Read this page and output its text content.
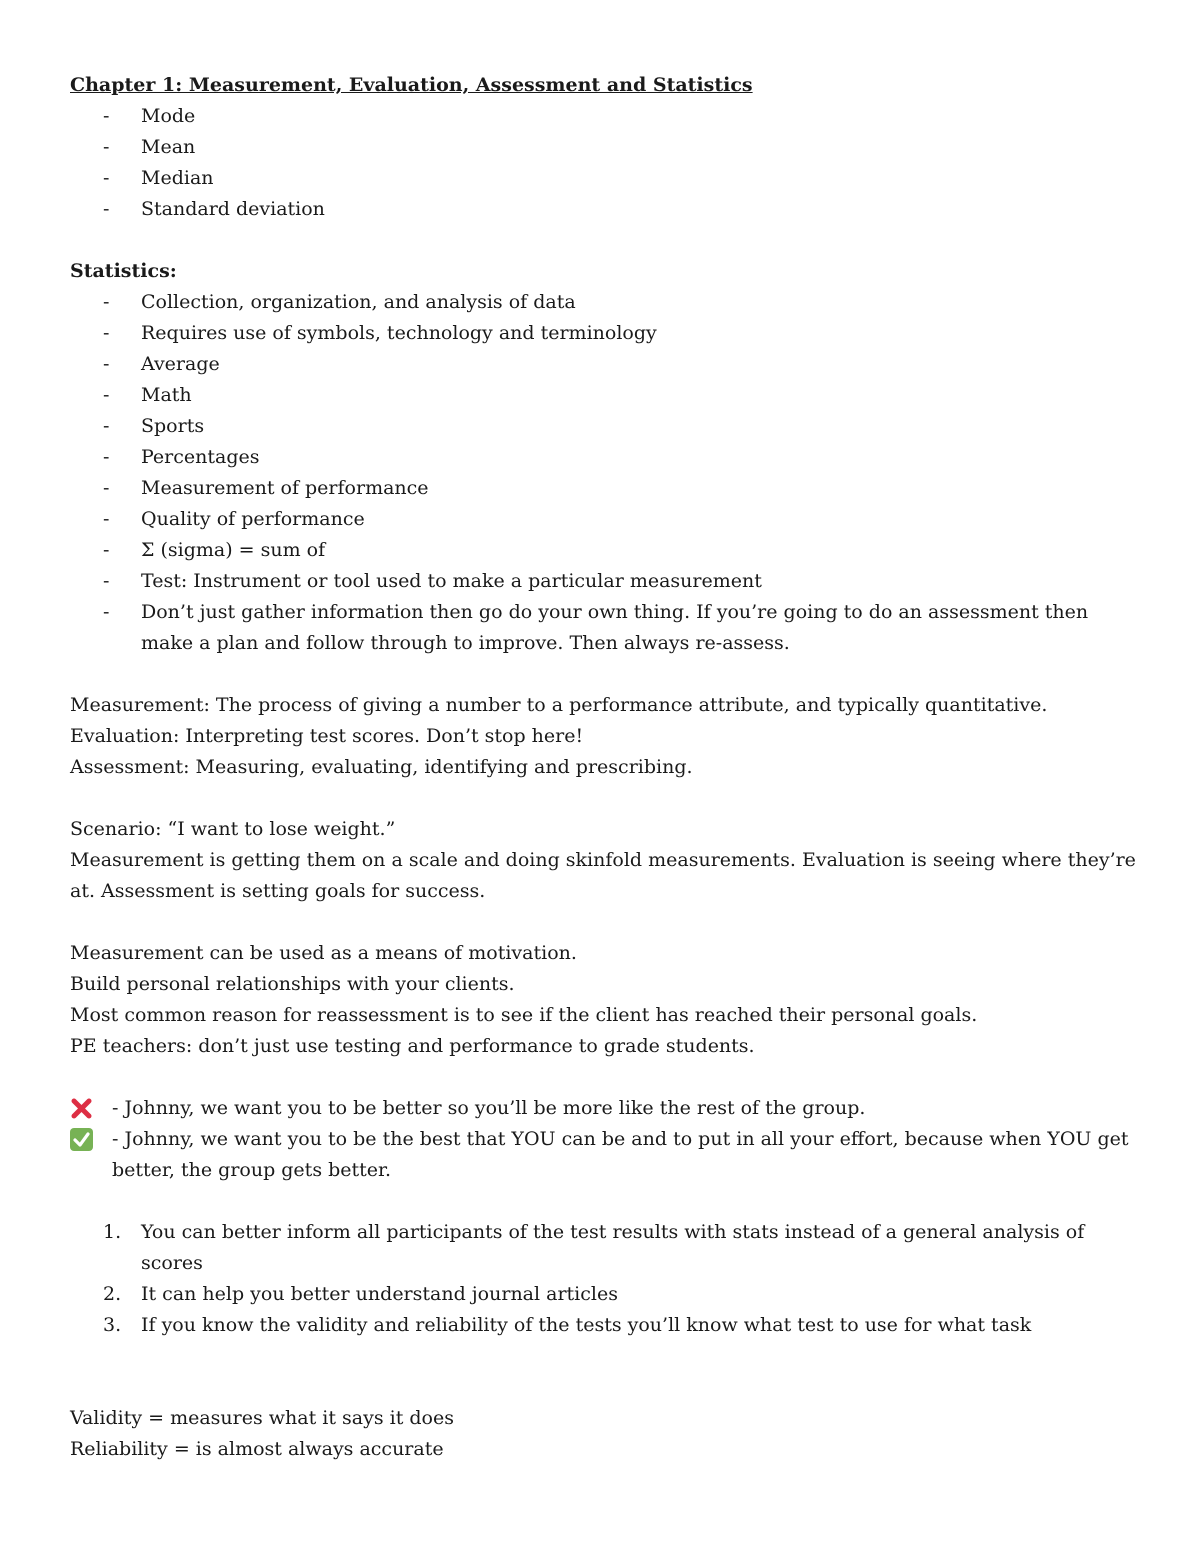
Chapter 1: Measurement, Evaluation, Assessment and Statistics
- Mode
- Mean
- Median
- Standard deviation
Statistics:
- Collection, organization, and analysis of data
- Requires use of symbols, technology and terminology
- Average
- Math
- Sports
- Percentages
- Measurement of performance
- Quality of performance
- Σ (sigma) = sum of
- Test: Instrument or tool used to make a particular measurement
- Don’t just gather information then go do your own thing. If you’re going to do an assessment then make a plan and follow through to improve. Then always re-assess.
Measurement: The process of giving a number to a performance attribute, and typically quantitative.
Evaluation: Interpreting test scores. Don’t stop here!
Assessment: Measuring, evaluating, identifying and prescribing.
Scenario: “I want to lose weight.”
Measurement is getting them on a scale and doing skinfold measurements. Evaluation is seeing where they’re at. Assessment is setting goals for success.
Measurement can be used as a means of motivation.
Build personal relationships with your clients.
Most common reason for reassessment is to see if the client has reached their personal goals.
PE teachers: don’t just use testing and performance to grade students.
- Johnny, we want you to be better so you’ll be more like the rest of the group.
- Johnny, we want you to be the best that YOU can be and to put in all your effort, because when YOU get better, the group gets better.
1. You can better inform all participants of the test results with stats instead of a general analysis of scores
2. It can help you better understand journal articles
3. If you know the validity and reliability of the tests you’ll know what test to use for what task
Validity = measures what it says it does
Reliability = is almost always accurate
